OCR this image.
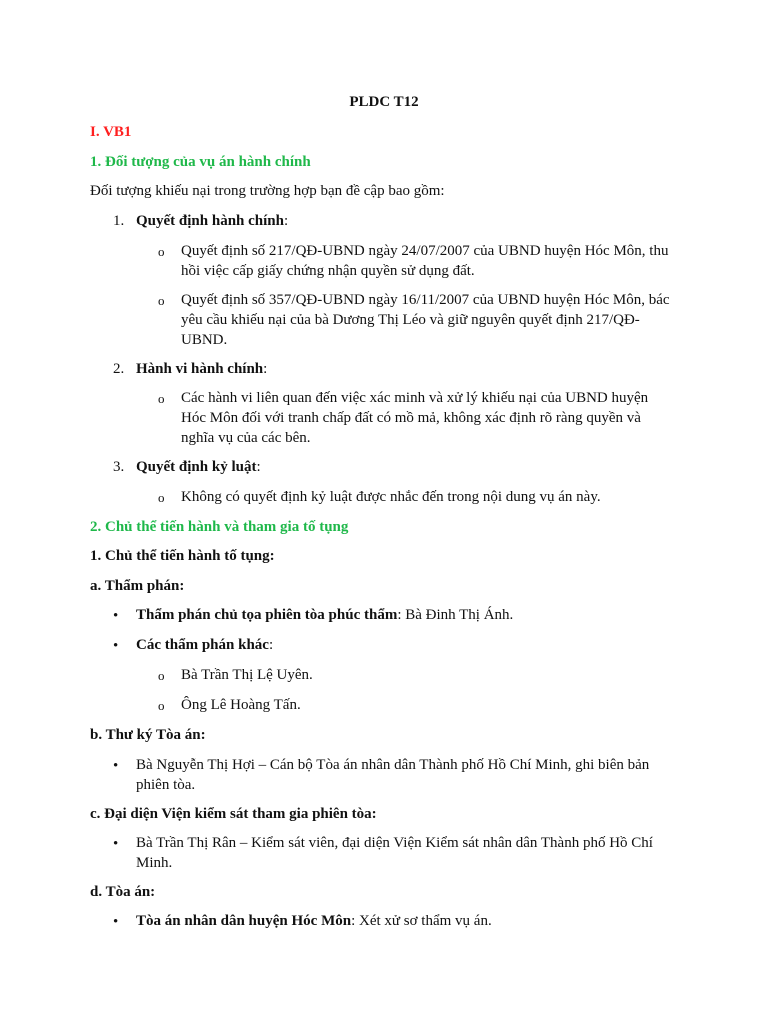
PLDC T12
I. VB1
1. Đối tượng của vụ án hành chính
Đối tượng khiếu nại trong trường hợp bạn đề cập bao gồm:
1. Quyết định hành chính:
o Quyết định số 217/QĐ-UBND ngày 24/07/2007 của UBND huyện Hóc Môn, thu hồi việc cấp giấy chứng nhận quyền sử dụng đất.
o Quyết định số 357/QĐ-UBND ngày 16/11/2007 của UBND huyện Hóc Môn, bác yêu cầu khiếu nại của bà Dương Thị Léo và giữ nguyên quyết định 217/QĐ-UBND.
2. Hành vi hành chính:
o Các hành vi liên quan đến việc xác minh và xử lý khiếu nại của UBND huyện Hóc Môn đối với tranh chấp đất có mồ mả, không xác định rõ ràng quyền và nghĩa vụ của các bên.
3. Quyết định kỷ luật:
o Không có quyết định kỷ luật được nhắc đến trong nội dung vụ án này.
2. Chủ thể tiến hành và tham gia tố tụng
1. Chủ thể tiến hành tố tụng:
a. Thẩm phán:
• Thẩm phán chủ tọa phiên tòa phúc thẩm: Bà Đinh Thị Ánh.
• Các thẩm phán khác:
o Bà Trần Thị Lệ Uyên.
o Ông Lê Hoàng Tấn.
b. Thư ký Tòa án:
• Bà Nguyễn Thị Hợi – Cán bộ Tòa án nhân dân Thành phố Hồ Chí Minh, ghi biên bản phiên tòa.
c. Đại diện Viện kiểm sát tham gia phiên tòa:
• Bà Trần Thị Rân – Kiểm sát viên, đại diện Viện Kiểm sát nhân dân Thành phố Hồ Chí Minh.
d. Tòa án:
• Tòa án nhân dân huyện Hóc Môn: Xét xử sơ thẩm vụ án.
